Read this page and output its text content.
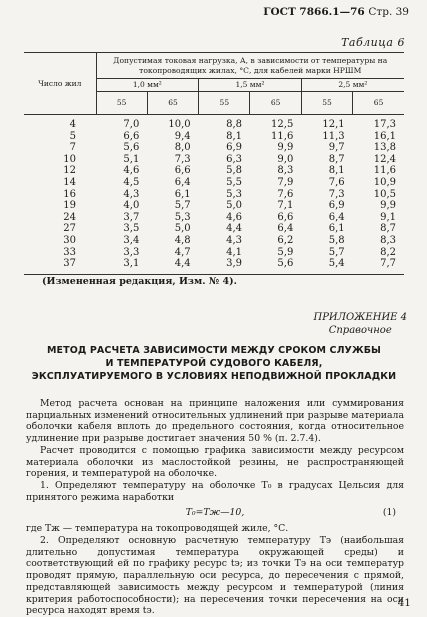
ГОСТ 7866.1—76 Стр. 39
Таблица 6
Число жил	Допустимая токовая нагрузка, А, в зависимости от температуры на токопроводящих жилах, °С, для кабелей марки НРШМ					
	1,0 мм²		1,5 мм²		2,5 мм²	
	55	65	55	65	55	65
4	7,0	10,0	8,8	12,5	12,1	17,3
5	6,6	9,4	8,1	11,6	11,3	16,1
7	5,6	8,0	6,9	9,9	9,7	13,8
10	5,1	7,3	6,3	9,0	8,7	12,4
12	4,6	6,6	5,8	8,3	8,1	11,6
14	4,5	6,4	5,5	7,9	7,6	10,9
16	4,3	6,1	5,3	7,6	7,3	10,5
19	4,0	5,7	5,0	7,1	6,9	9,9
24	3,7	5,3	4,6	6,6	6,4	9,1
27	3,5	5,0	4,4	6,4	6,1	8,7
30	3,4	4,8	4,3	6,2	5,8	8,3
33	3,3	4,7	4,1	5,9	5,7	8,2
37	3,1	4,4	3,9	5,6	5,4	7,7
(Измененная редакция, Изм. № 4).
ПРИЛОЖЕНИЕ 4
Справочное
МЕТОД РАСЧЕТА ЗАВИСИМОСТИ МЕЖДУ СРОКОМ СЛУЖБЫ
И ТЕМПЕРАТУРОЙ СУДОВОГО КАБЕЛЯ,
ЭКСПЛУАТИРУЕМОГО В УСЛОВИЯХ НЕПОДВИЖНОЙ ПРОКЛАДКИ

Метод расчета основан на принципе наложения или суммирования парциальных изменений относительных удлинений при разрыве материала оболочки кабеля вплоть до предельного состояния, когда относительное удлинение при разрыве достигает значения 50 % (п. 2.7.4).

Расчет проводится с помощью графика зависимости между ресурсом материала оболочки из маслостойкой резины, не распространяющей горения, и температурой на оболочке.

1. Определяют температуру на оболочке T₀ в градусах Цельсия для принятого режима наработки

T₀=Tж—10,	(1)

где Tж — температура на токопроводящей жиле, °С.

2. Определяют основную расчетную температуру Tэ (наибольшая длительно допустимая температура окружающей среды) и соответствующий ей по графику ресурс tэ; из точки Tэ на оси температур проводят прямую, параллельную оси ресурса, до пересечения с прямой, представляющей зависимость между ресурсом и температурой (линия критерия работоспособности); на пересечения точки пересечения на оси ресурса находят время tэ.

41
